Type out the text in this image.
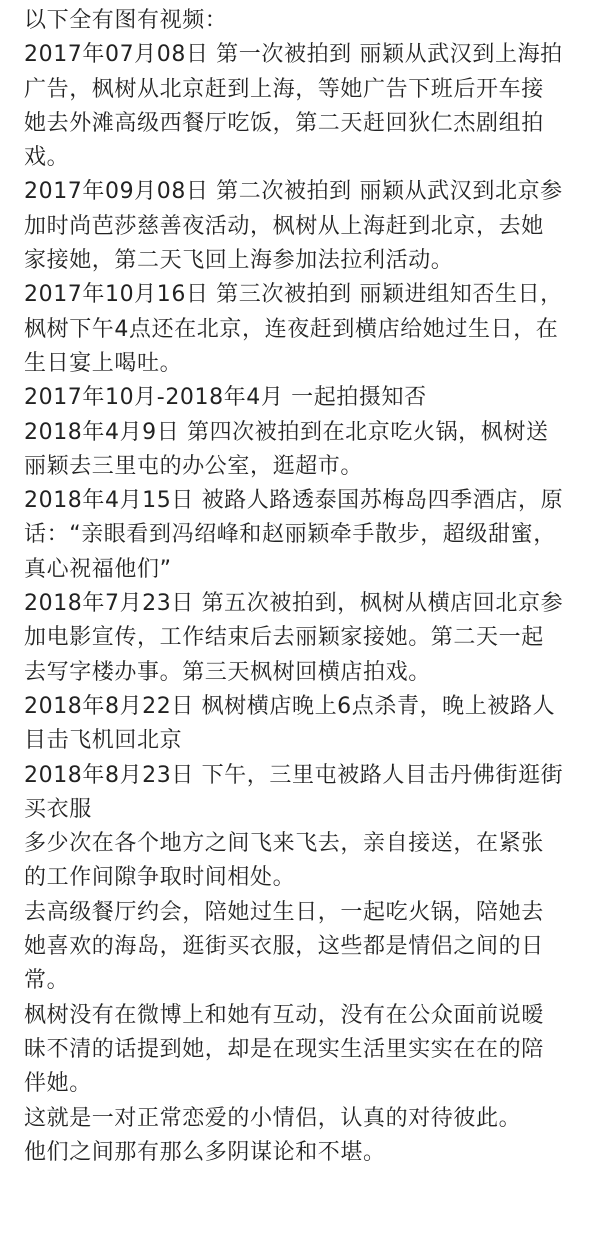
以下全有图有视频：
2017年07月08日 第一次被拍到 丽颖从武汉到上海拍
广告，枫树从北京赶到上海，等她广告下班后开车接
她去外滩高级西餐厅吃饭，第二天赶回狄仁杰剧组拍
戏。
2017年09月08日 第二次被拍到 丽颖从武汉到北京参
加时尚芭莎慈善夜活动，枫树从上海赶到北京，去她
家接她，第二天飞回上海参加法拉利活动。
2017年10月16日 第三次被拍到 丽颖进组知否生日，
枫树下午4点还在北京，连夜赶到横店给她过生日，在
生日宴上喝吐。
2017年10月-2018年4月 一起拍摄知否
2018年4月9日 第四次被拍到在北京吃火锅，枫树送
丽颖去三里屯的办公室，逛超市。
2018年4月15日 被路人路透泰国苏梅岛四季酒店，原
话：“亲眼看到冯绍峰和赵丽颖牵手散步，超级甜蜜，
真心祝福他们”
2018年7月23日 第五次被拍到，枫树从横店回北京参
加电影宣传，工作结束后去丽颖家接她。第二天一起
去写字楼办事。第三天枫树回横店拍戏。
2018年8月22日 枫树横店晚上6点杀青，晚上被路人
目击飞机回北京
2018年8月23日 下午，三里屯被路人目击丹佛街逛街
买衣服
多少次在各个地方之间飞来飞去，亲自接送，在紧张
的工作间隙争取时间相处。
去高级餐厅约会，陪她过生日，一起吃火锅，陪她去
她喜欢的海岛，逛街买衣服，这些都是情侣之间的日
常。
枫树没有在微博上和她有互动，没有在公众面前说暧
昧不清的话提到她，却是在现实生活里实实在在的陪
伴她。
这就是一对正常恋爱的小情侣，认真的对待彼此。
他们之间那有那么多阴谋论和不堪。
